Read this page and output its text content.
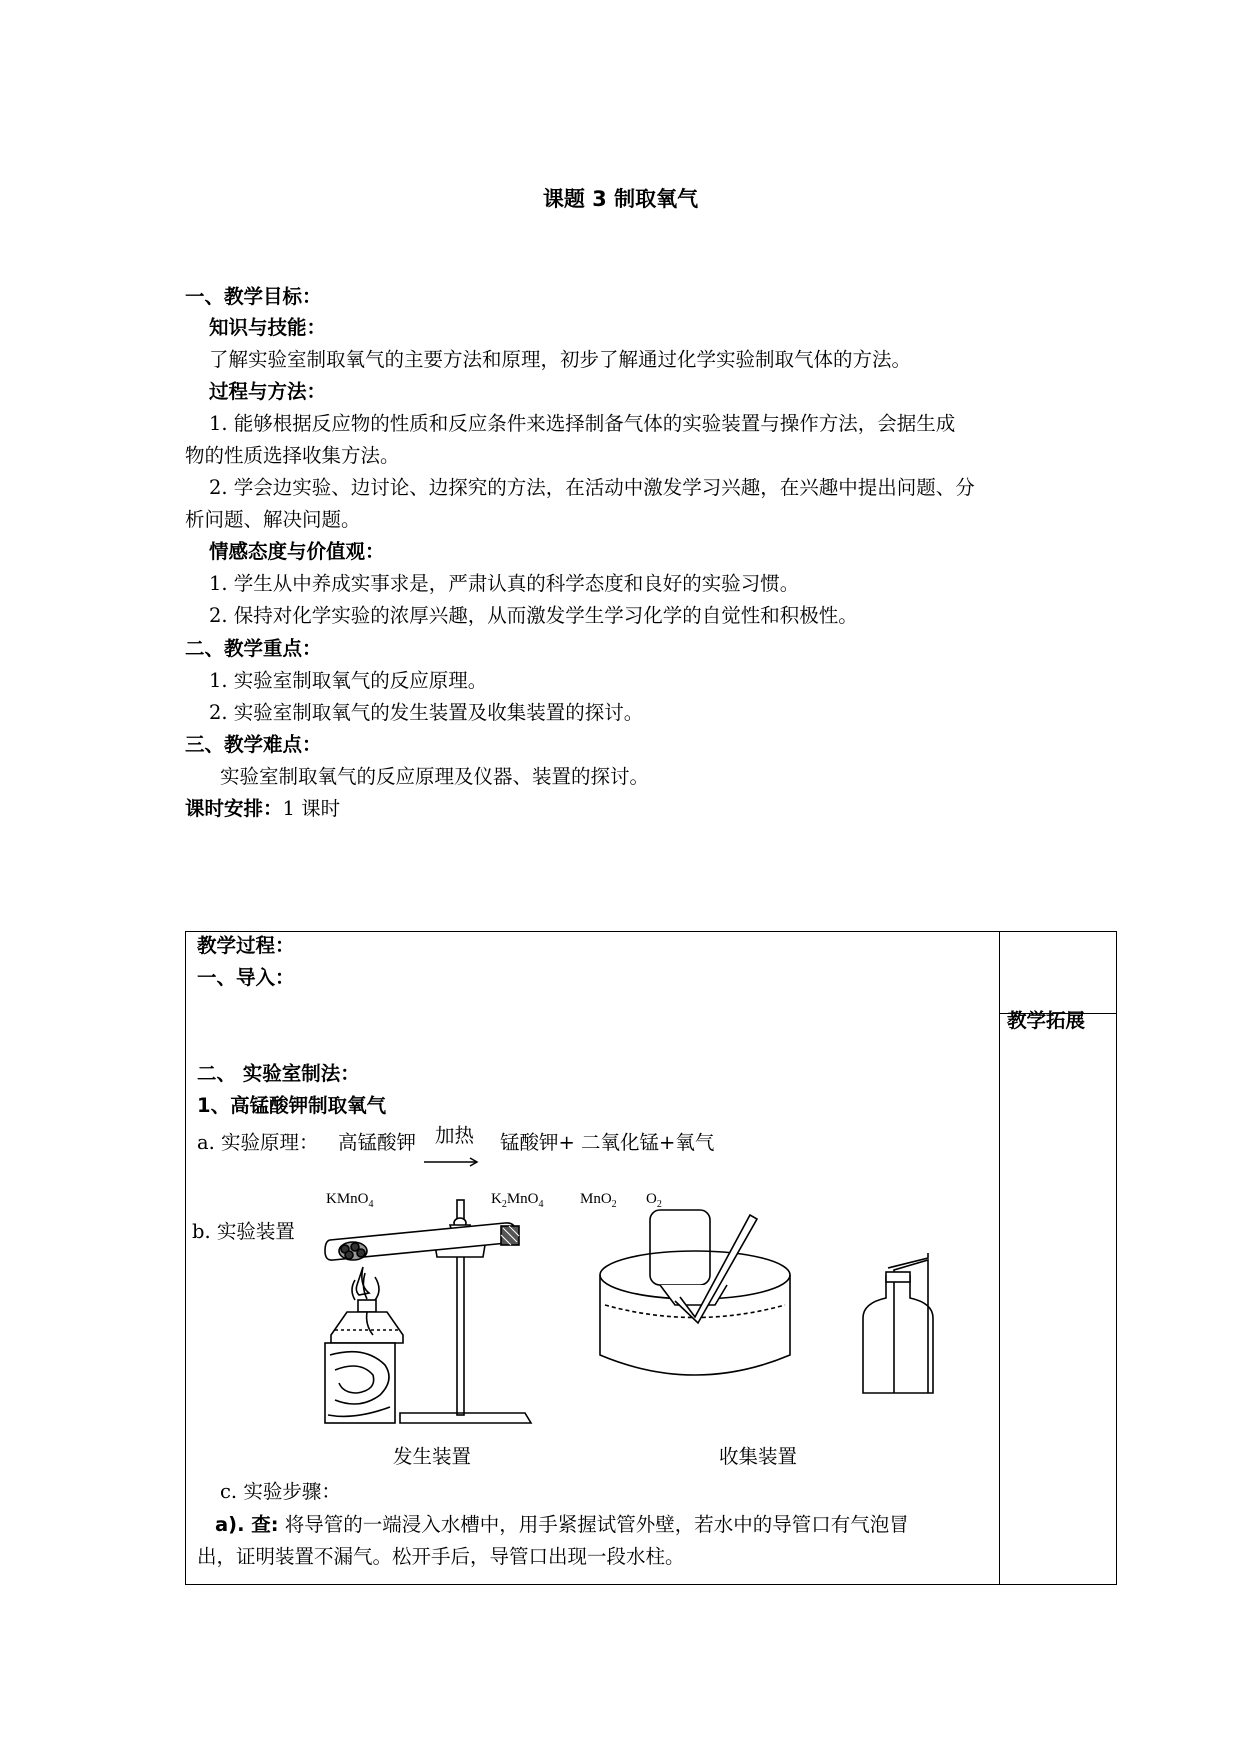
课题 3 制取氧气
一、教学目标：
知识与技能：
了解实验室制取氧气的主要方法和原理，初步了解通过化学实验制取气体的方法。
过程与方法：
1. 能够根据反应物的性质和反应条件来选择制备气体的实验装置与操作方法，会据生成
物的性质选择收集方法。
2. 学会边实验、边讨论、边探究的方法，在活动中激发学习兴趣，在兴趣中提出问题、分
析问题、解决问题。
情感态度与价值观：
1. 学生从中养成实事求是，严肃认真的科学态度和良好的实验习惯。
2. 保持对化学实验的浓厚兴趣，从而激发学生学习化学的自觉性和积极性。
二、教学重点：
1. 实验室制取氧气的反应原理。
2. 实验室制取氧气的发生装置及收集装置的探讨。
三、教学难点：
实验室制取氧气的反应原理及仪器、装置的探讨。
课时安排：1 课时
教学过程：
一、导入：
教学拓展
二、 实验室制法：
1、高锰酸钾制取氧气
a. 实验原理： 高锰酸钾 加热 锰酸钾+ 二氧化锰+氧气
KMnO$_4$	$K_2MnO_4$ MnO$_2$ $O_2$
b. 实验装置
发生装置	收集装置
c. 实验步骤：
a). 查: 将导管的一端浸入水槽中，用手紧握试管外壁，若水中的导管口有气泡冒
出，证明装置不漏气。松开手后，导管口出现一段水柱。
